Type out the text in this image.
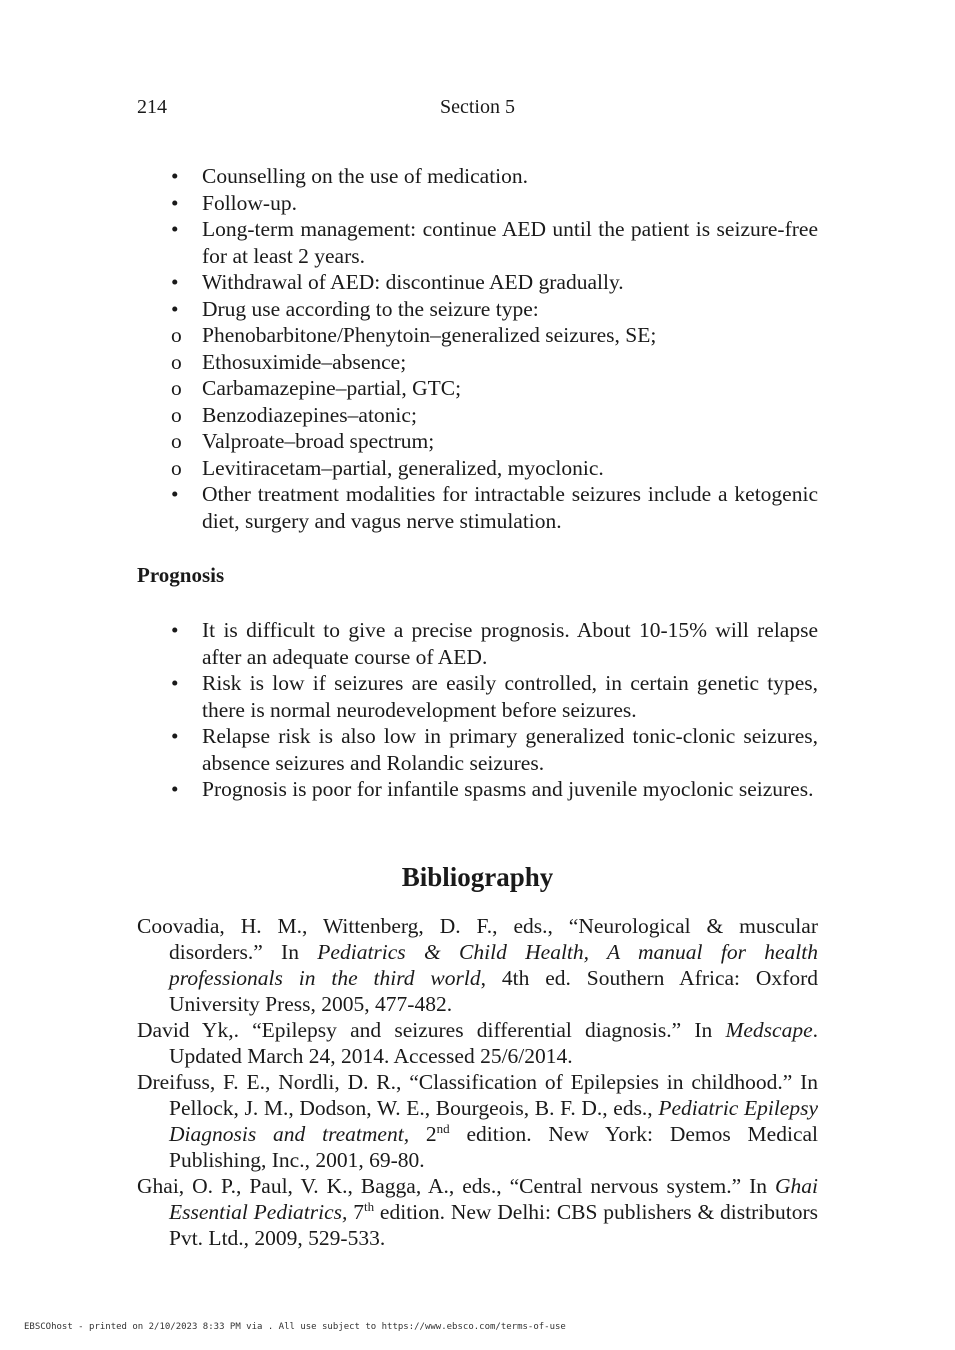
214	Section 5
• Counselling on the use of medication.
• Follow-up.
• Long-term management: continue AED until the patient is seizure-free for at least 2 years.
• Withdrawal of AED: discontinue AED gradually.
• Drug use according to the seizure type:
o Phenobarbitone/Phenytoin–generalized seizures, SE;
o Ethosuximide–absence;
o Carbamazepine–partial, GTC;
o Benzodiazepines–atonic;
o Valproate–broad spectrum;
o Levitiracetam–partial, generalized, myoclonic.
• Other treatment modalities for intractable seizures include a ketogenic diet, surgery and vagus nerve stimulation.
Prognosis
• It is difficult to give a precise prognosis. About 10-15% will relapse after an adequate course of AED.
• Risk is low if seizures are easily controlled, in certain genetic types, there is normal neurodevelopment before seizures.
• Relapse risk is also low in primary generalized tonic-clonic seizures, absence seizures and Rolandic seizures.
• Prognosis is poor for infantile spasms and juvenile myoclonic seizures.
Bibliography
Coovadia, H. M., Wittenberg, D. F., eds., “Neurological & muscular disorders.” In Pediatrics & Child Health, A manual for health professionals in the third world, 4th ed. Southern Africa: Oxford University Press, 2005, 477-482.
David Yk,. “Epilepsy and seizures differential diagnosis.” In Medscape. Updated March 24, 2014. Accessed 25/6/2014.
Dreifuss, F. E., Nordli, D. R., “Classification of Epilepsies in childhood.” In Pellock, J. M., Dodson, W. E., Bourgeois, B. F. D., eds., Pediatric Epilepsy Diagnosis and treatment, 2nd edition. New York: Demos Medical Publishing, Inc., 2001, 69-80.
Ghai, O. P., Paul, V. K., Bagga, A., eds., “Central nervous system.” In Ghai Essential Pediatrics, 7th edition. New Delhi: CBS publishers & distributors Pvt. Ltd., 2009, 529-533.
EBSCOhost - printed on 2/10/2023 8:33 PM via . All use subject to https://www.ebsco.com/terms-of-use
